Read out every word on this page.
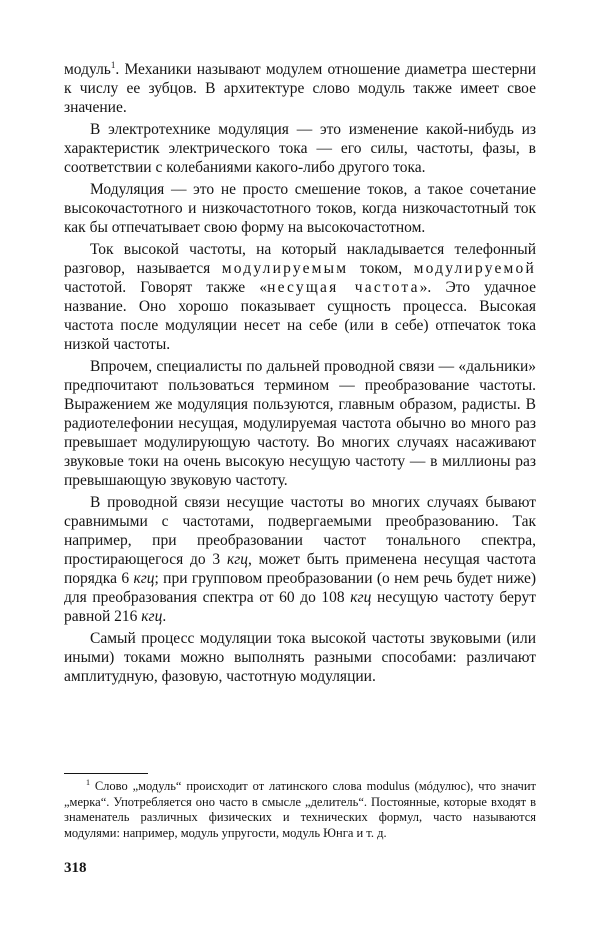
модуль$^1$. Механики называют модулем отношение диаметра шестерни к числу ее зубцов. В архитектуре слово модуль также имеет свое значение.

В электротехнике модуляция — это изменение какой-нибудь из характеристик электрического тока — его силы, частоты, фазы, в соответствии с колебаниями какого-либо другого тока.

Модуляция — это не просто смешение токов, а такое сочетание высокочастотного и низкочастотного токов, когда низкочастотный ток как бы отпечатывает свою форму на высокочастотном.

Ток высокой частоты, на который накладывается телефонный разговор, называется модулируемым током, модулируемой частотой. Говорят также «несущая частота». Это удачное название. Оно хорошо показывает сущность процесса. Высокая частота после модуляции несет на себе (или в себе) отпечаток тока низкой частоты.

Впрочем, специалисты по дальней проводной связи — «дальники» предпочитают пользоваться термином — преобразование частоты. Выражением же модуляция пользуются, главным образом, радисты. В радиотелефонии несущая, модулируемая частота обычно во много раз превышает модулирующую частоту. Во многих случаях насаживают звуковые токи на очень высокую несущую частоту — в миллионы раз превышающую звуковую частоту.

В проводной связи несущие частоты во многих случаях бывают сравнимыми с частотами, подвергаемыми преобразованию. Так например, при преобразовании частот тонального спектра, простирающегося до 3 кгц, может быть применена несущая частота порядка 6 кгц; при групповом преобразовании (о нем речь будет ниже) для преобразования спектра от 60 до 108 кгц несущую частоту берут равной 216 кгц.

Самый процесс модуляции тока высокой частоты звуковыми (или иными) токами можно выполнять разными способами: различают амплитудную, фазовую, частотную модуляции.

$^1$ Слово „модуль“ происходит от латинского слова modulus (мóдулюс), что значит „мерка“. Употребляется оно часто в смысле „делитель“. Постоянные, которые входят в знаменатель различных физических и технических формул, часто называются модулями: например, модуль упругости, модуль Юнга и т. д.

318
